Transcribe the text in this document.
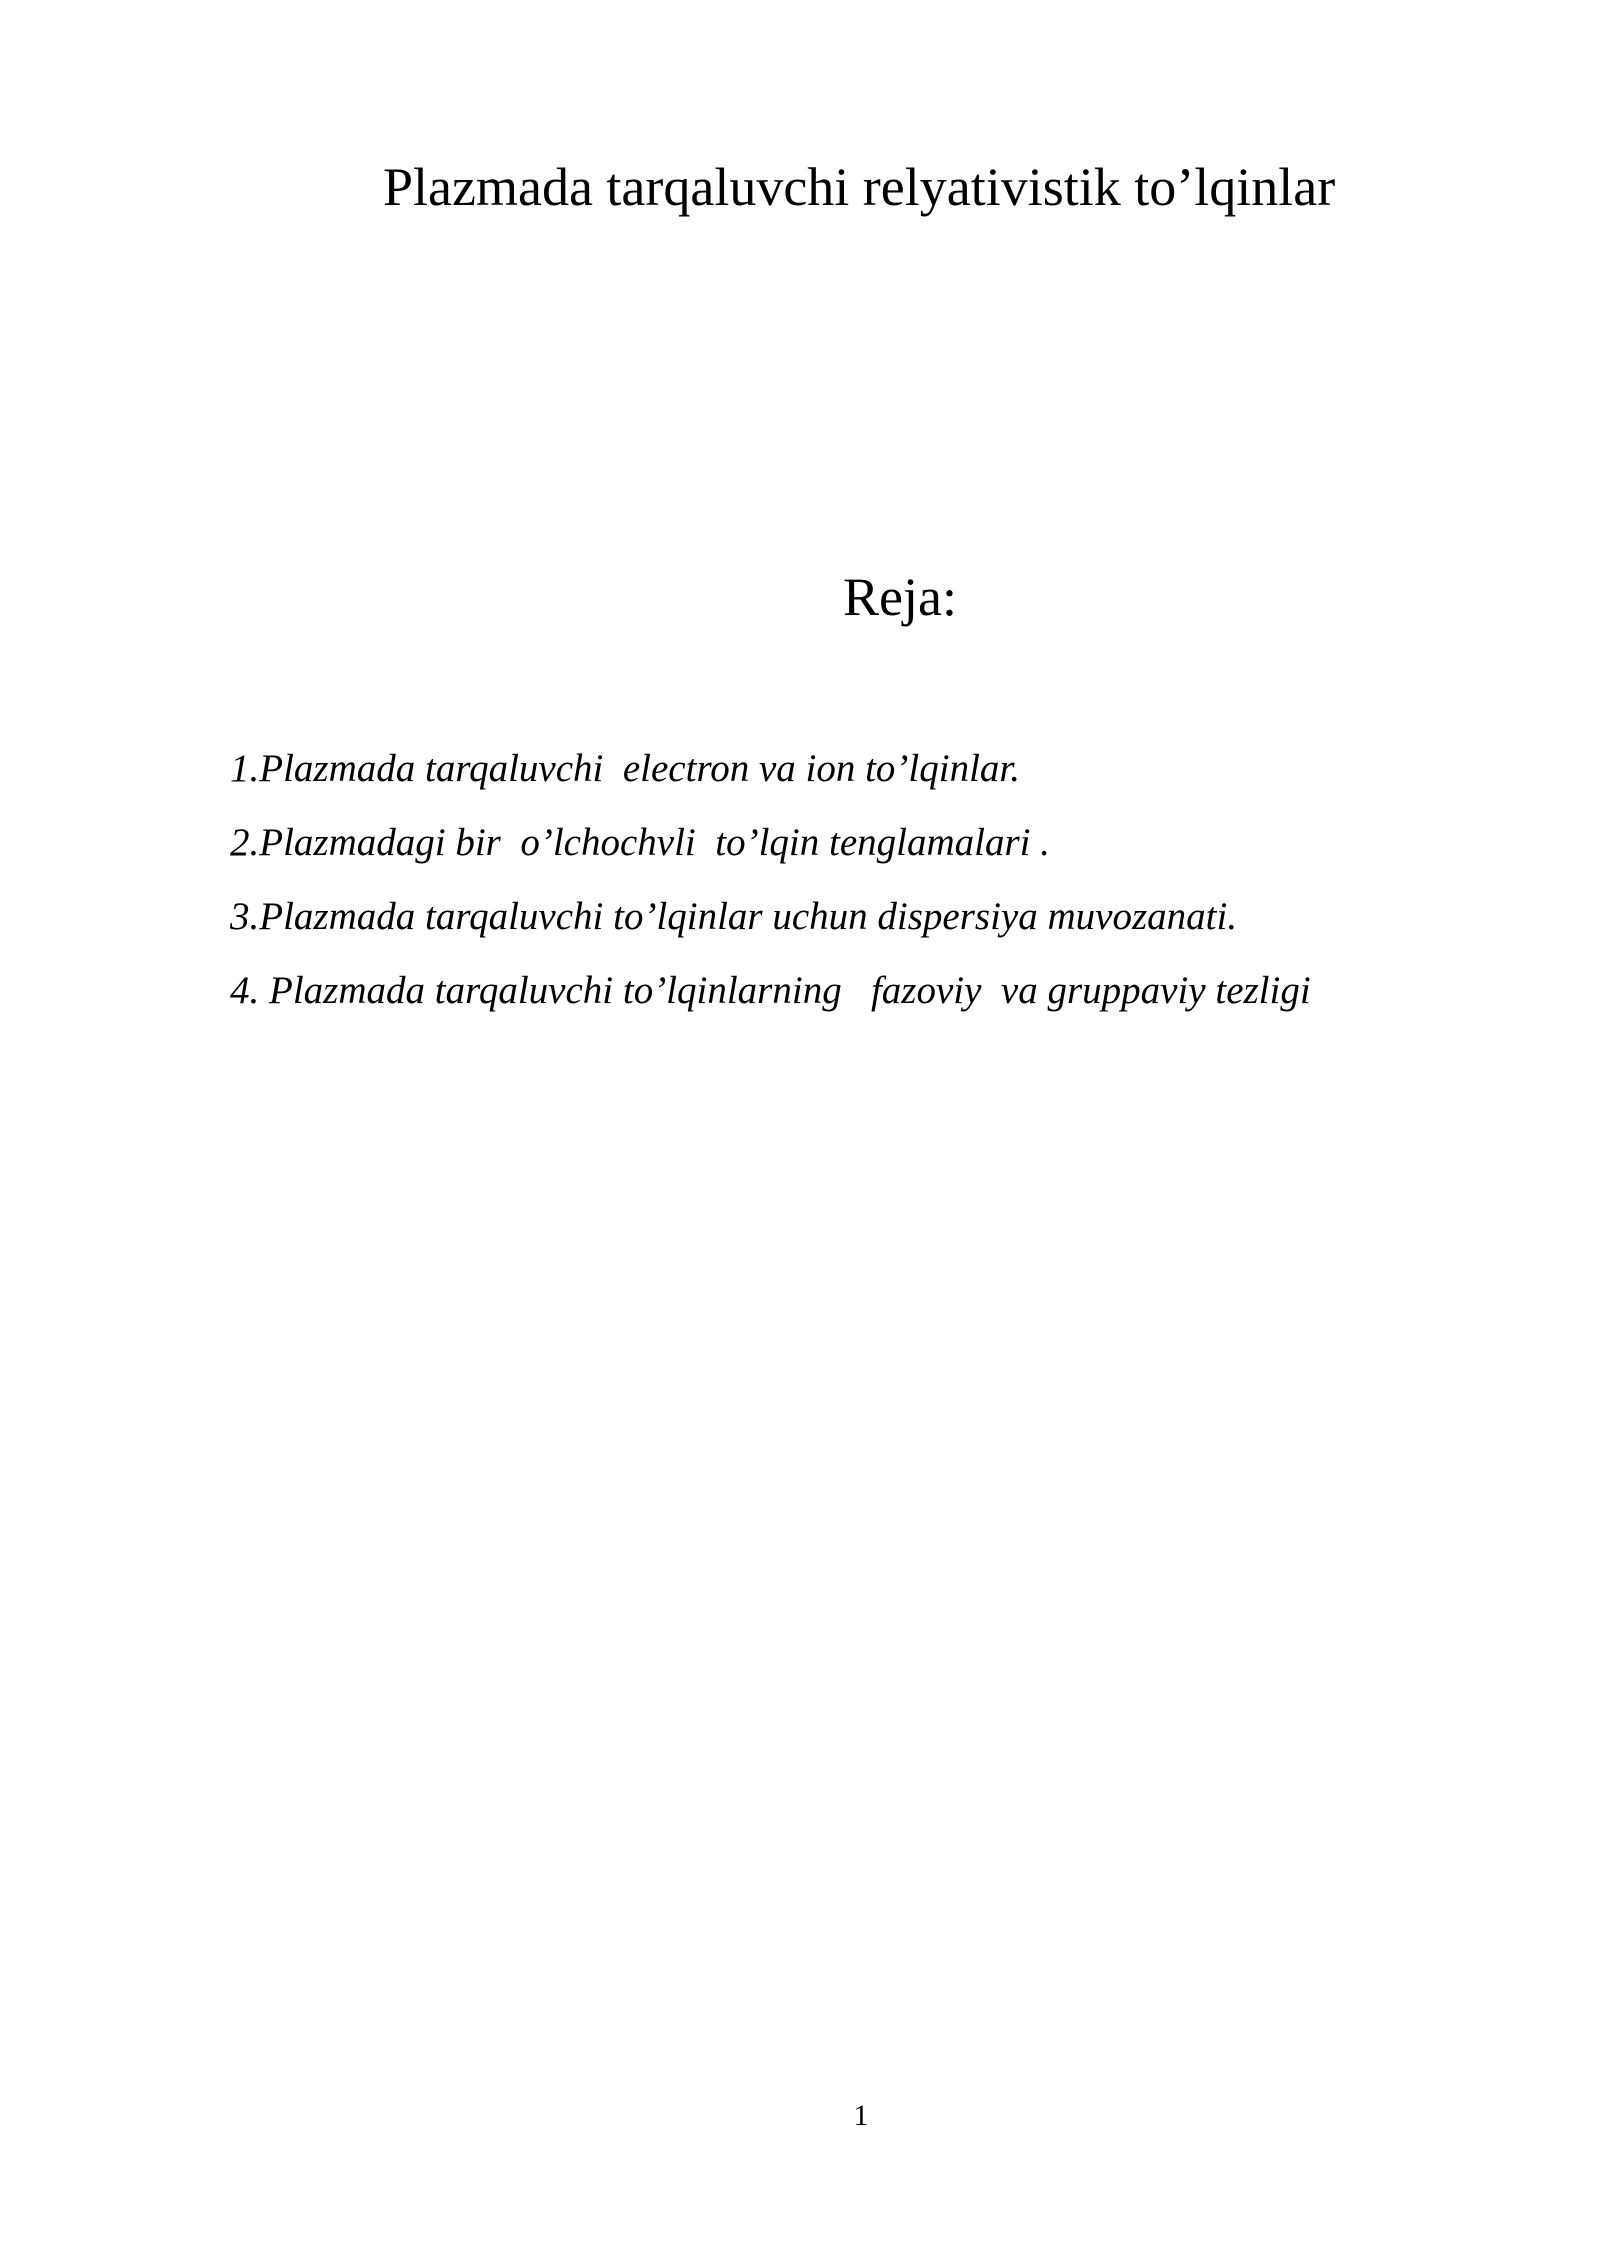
Plazmada tarqaluvchi relyativistik to’lqinlar
Reja:
1.Plazmada tarqaluvchi  electron va ion to’lqinlar.
2.Plazmadagi bir  o’lchochvli  to’lqin tenglamalari .
3.Plazmada tarqaluvchi to’lqinlar uchun dispersiya muvozanati.
4. Plazmada tarqaluvchi to’lqinlarning   fazoviy  va gruppaviy tezligi
1
